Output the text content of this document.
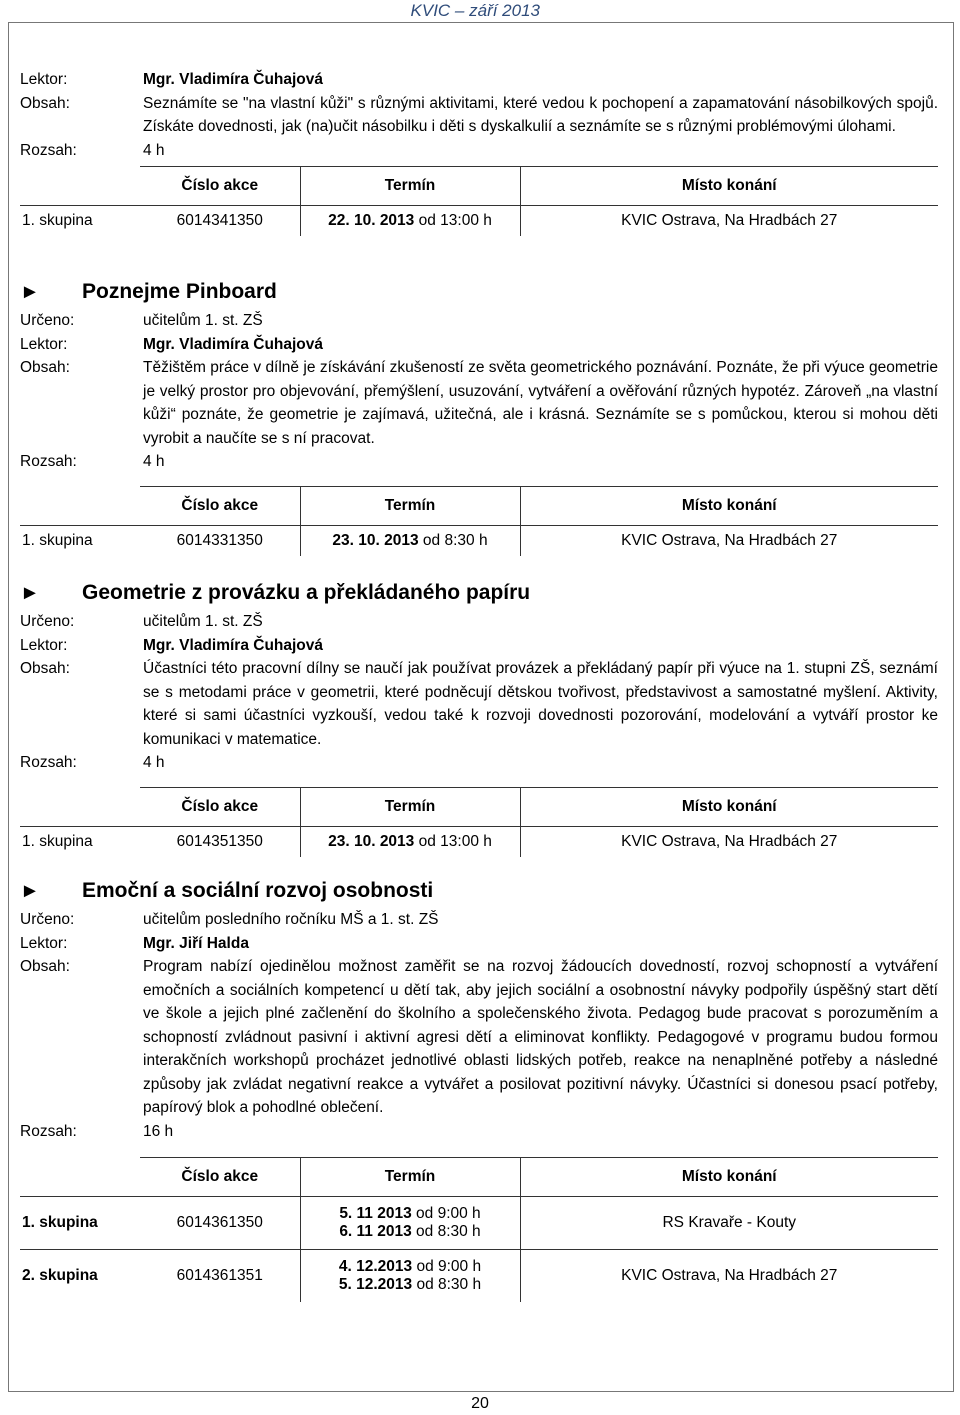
KVIC – září 2013
Lektor:	Mgr. Vladimíra Čuhajová
Obsah:	Seznámíte se "na vlastní kůži" s různými aktivitami, které vedou k pochopení a zapamatování násobilkových spojů. Získáte dovednosti, jak (na)učit násobilku i děti s dyskalkulií a seznámíte se s různými problémovými úlohami.
Rozsah:	4 h
	Číslo akce	Termín	Místo konání
1. skupina	6014341350	22. 10. 2013 od 13:00 h	KVIC Ostrava, Na Hradbách 27
► Poznejme Pinboard
Určeno:	učitelům 1. st. ZŠ
Lektor:	Mgr. Vladimíra Čuhajová
Obsah:	Těžištěm práce v dílně je získávání zkušeností ze světa geometrického poznávání. Poznáte, že při výuce geometrie je velký prostor pro objevování, přemýšlení, usuzování, vytváření a ověřování různých hypotéz. Zároveň „na vlastní kůži“ poznáte, že geometrie je zajímavá, užitečná, ale i krásná. Seznámíte se s pomůckou, kterou si mohou děti vyrobit a naučíte se s ní pracovat.
Rozsah:	4 h
	Číslo akce	Termín	Místo konání
1. skupina	6014331350	23. 10. 2013 od 8:30 h	KVIC Ostrava, Na Hradbách 27
► Geometrie z provázku a překládaného papíru
Určeno:	učitelům 1. st. ZŠ
Lektor:	Mgr. Vladimíra Čuhajová
Obsah:	Účastníci této pracovní dílny se naučí jak používat provázek a překládaný papír při výuce na 1. stupni ZŠ, seznámí se s metodami práce v geometrii, které podněcují dětskou tvořivost, představivost a samostatné myšlení. Aktivity, které si sami účastníci vyzkouší, vedou také k rozvoji dovednosti pozorování, modelování a vytváří prostor ke komunikaci v matematice.
Rozsah:	4 h
	Číslo akce	Termín	Místo konání
1. skupina	6014351350	23. 10. 2013 od 13:00 h	KVIC Ostrava, Na Hradbách 27
► Emoční a sociální rozvoj osobnosti
Určeno:	učitelům posledního ročníku MŠ a 1. st. ZŠ
Lektor:	Mgr. Jiří Halda
Obsah:	Program nabízí ojedinělou možnost zaměřit se na rozvoj žádoucích dovedností, rozvoj schopností a vytváření emočních a sociálních kompetencí u dětí tak, aby jejich sociální a osobnostní návyky podpořily úspěšný start dětí ve škole a jejich plné začlenění do školního a společenského života. Pedagog bude pracovat s porozuměním a schopností zvládnout pasivní i aktivní agresi dětí a eliminovat konflikty. Pedagogové v programu budou formou interakčních workshopů procházet jednotlivé oblasti lidských potřeb, reakce na nenaplněné potřeby a následné způsoby jak zvládat negativní reakce a vytvářet a posilovat pozitivní návyky. Účastníci si donesou psací potřeby, papírový blok a pohodlné oblečení.
Rozsah:	16 h
	Číslo akce	Termín	Místo konání
1. skupina	6014361350	5. 11 2013 od 9:00 h
6. 11 2013 od 8:30 h	RS Kravaře - Kouty
2. skupina	6014361351	4. 12.2013 od 9:00 h
5. 12.2013 od 8:30 h	KVIC Ostrava, Na Hradbách 27
20
